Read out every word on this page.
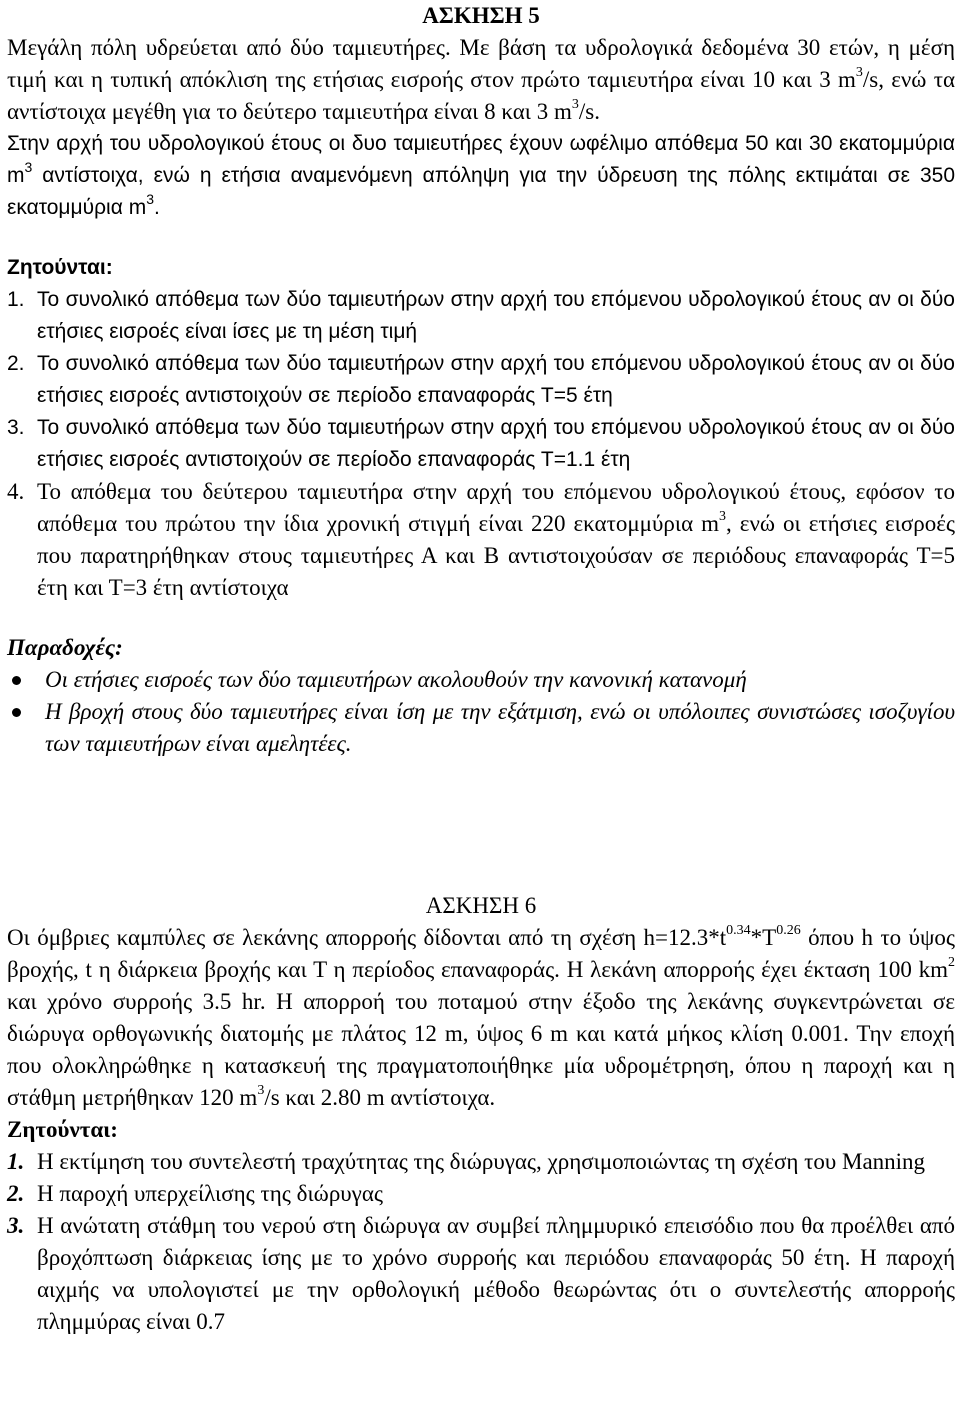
ΑΣΚΗΣΗ 5

Μεγάλη πόλη υδρεύεται από δύο ταμιευτήρες. Με βάση τα υδρολογικά δεδομένα 30 ετών, η μέση τιμή και η τυπική απόκλιση της ετήσιας εισροής στον πρώτο ταμιευτήρα είναι 10 και 3 $m^3/s$, ενώ τα αντίστοιχα μεγέθη για το δεύτερο ταμιευτήρα είναι 8 και 3 $m^3/s$.

Στην αρχή του υδρολογικού έτους οι δυο ταμιευτήρες έχουν ωφέλιμο απόθεμα 50 και 30 εκατομμύρια $m^3$ αντίστοιχα, ενώ η ετήσια αναμενόμενη απόληψη για την ύδρευση της πόλης εκτιμάται σε 350 εκατομμύρια $m^3$.

Ζητούνται:

1. Το συνολικό απόθεμα των δύο ταμιευτήρων στην αρχή του επόμενου υδρολογικού έτους αν οι δύο ετήσιες εισροές είναι ίσες με τη μέση τιμή
2. Το συνολικό απόθεμα των δύο ταμιευτήρων στην αρχή του επόμενου υδρολογικού έτους αν οι δύο ετήσιες εισροές αντιστοιχούν σε περίοδο επαναφοράς Τ=5 έτη
3. Το συνολικό απόθεμα των δύο ταμιευτήρων στην αρχή του επόμενου υδρολογικού έτους αν οι δύο ετήσιες εισροές αντιστοιχούν σε περίοδο επαναφοράς Τ=1.1 έτη
4. Το απόθεμα του δεύτερου ταμιευτήρα στην αρχή του επόμενου υδρολογικού έτους, εφόσον το απόθεμα του πρώτου την ίδια χρονική στιγμή είναι 220 εκατομμύρια $m^3$, ενώ οι ετήσιες εισροές που παρατηρήθηκαν στους ταμιευτήρες Α και Β αντιστοιχούσαν σε περιόδους επαναφοράς Τ=5 έτη και Τ=3 έτη αντίστοιχα

Παραδοχές:

Οι ετήσιες εισροές των δύο ταμιευτήρων ακολουθούν την κανονική κατανομή
Η βροχή στους δύο ταμιευτήρες είναι ίση με την εξάτμιση, ενώ οι υπόλοιπες συνιστώσες ισοζυγίου των ταμιευτήρων είναι αμελητέες.

ΑΣΚΗΣΗ 6

Οι όμβριες καμπύλες σε λεκάνης απορροής δίδονται από τη σχέση $h=12.3*t^{0.34}*T^{0.26}$ όπου h το ύψος βροχής, t η διάρκεια βροχής και Τ η περίοδος επαναφοράς. Η λεκάνη απορροής έχει έκταση 100 $km^2$ και χρόνο συρροής 3.5 hr. Η απορροή του ποταμού στην έξοδο της λεκάνης συγκεντρώνεται σε διώρυγα ορθογωνικής διατομής με πλάτος 12 m, ύψος 6 m και κατά μήκος κλίση 0.001. Την εποχή που ολοκληρώθηκε η κατασκευή της πραγματοποιήθηκε μία υδρομέτρηση, όπου η παροχή και η στάθμη μετρήθηκαν 120 $m^3/s$ και 2.80 m αντίστοιχα.

Ζητούνται:

1. Η εκτίμηση του συντελεστή τραχύτητας της διώρυγας, χρησιμοποιώντας τη σχέση του Manning
2. Η παροχή υπερχείλισης της διώρυγας
3. Η ανώτατη στάθμη του νερού στη διώρυγα αν συμβεί πλημμυρικό επεισόδιο που θα προέλθει από βροχόπτωση διάρκειας ίσης με το χρόνο συρροής και περιόδου επαναφοράς 50 έτη. Η παροχή αιχμής να υπολογιστεί με την ορθολογική μέθοδο θεωρώντας ότι ο συντελεστής απορροής πλημμύρας είναι 0.7
